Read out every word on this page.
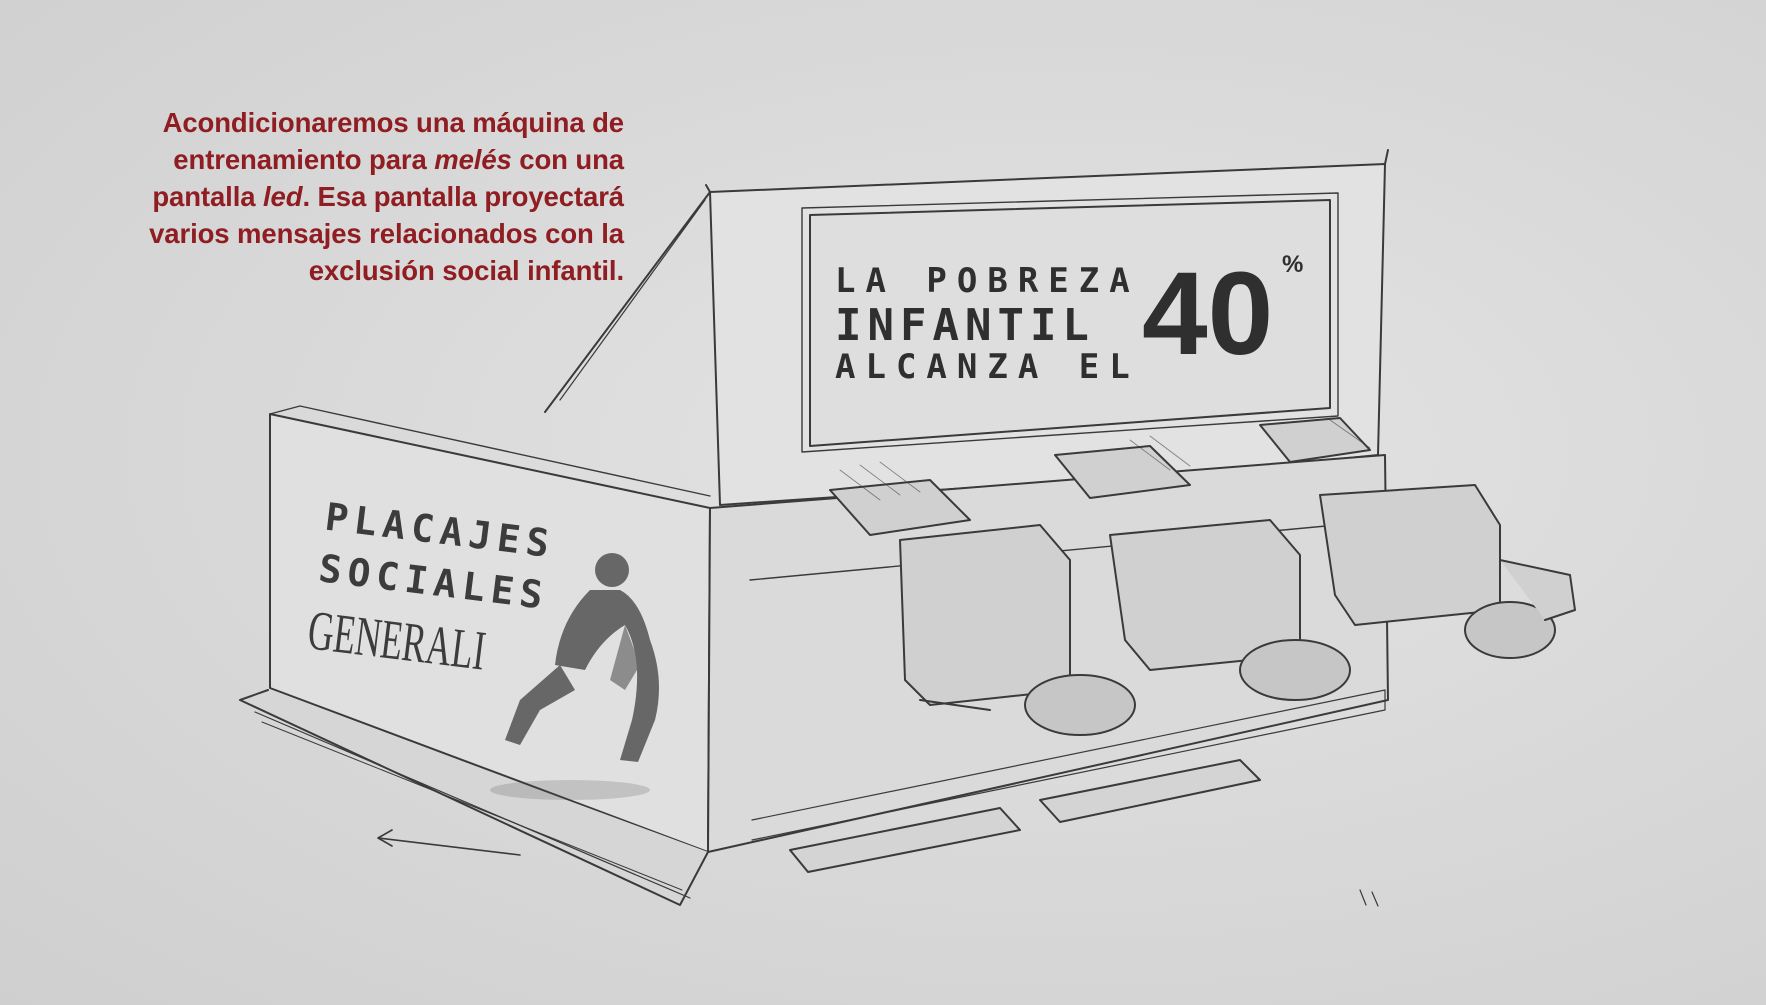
LA POBREZA
INFANTIL
ALCANZA EL 40 %
PLACAJES
SOCIALES
GENERALI
Acondicionaremos una máquina de
entrenamiento para melés con una
pantalla led. Esa pantalla proyectará
varios mensajes relacionados con la
exclusión social infantil.
